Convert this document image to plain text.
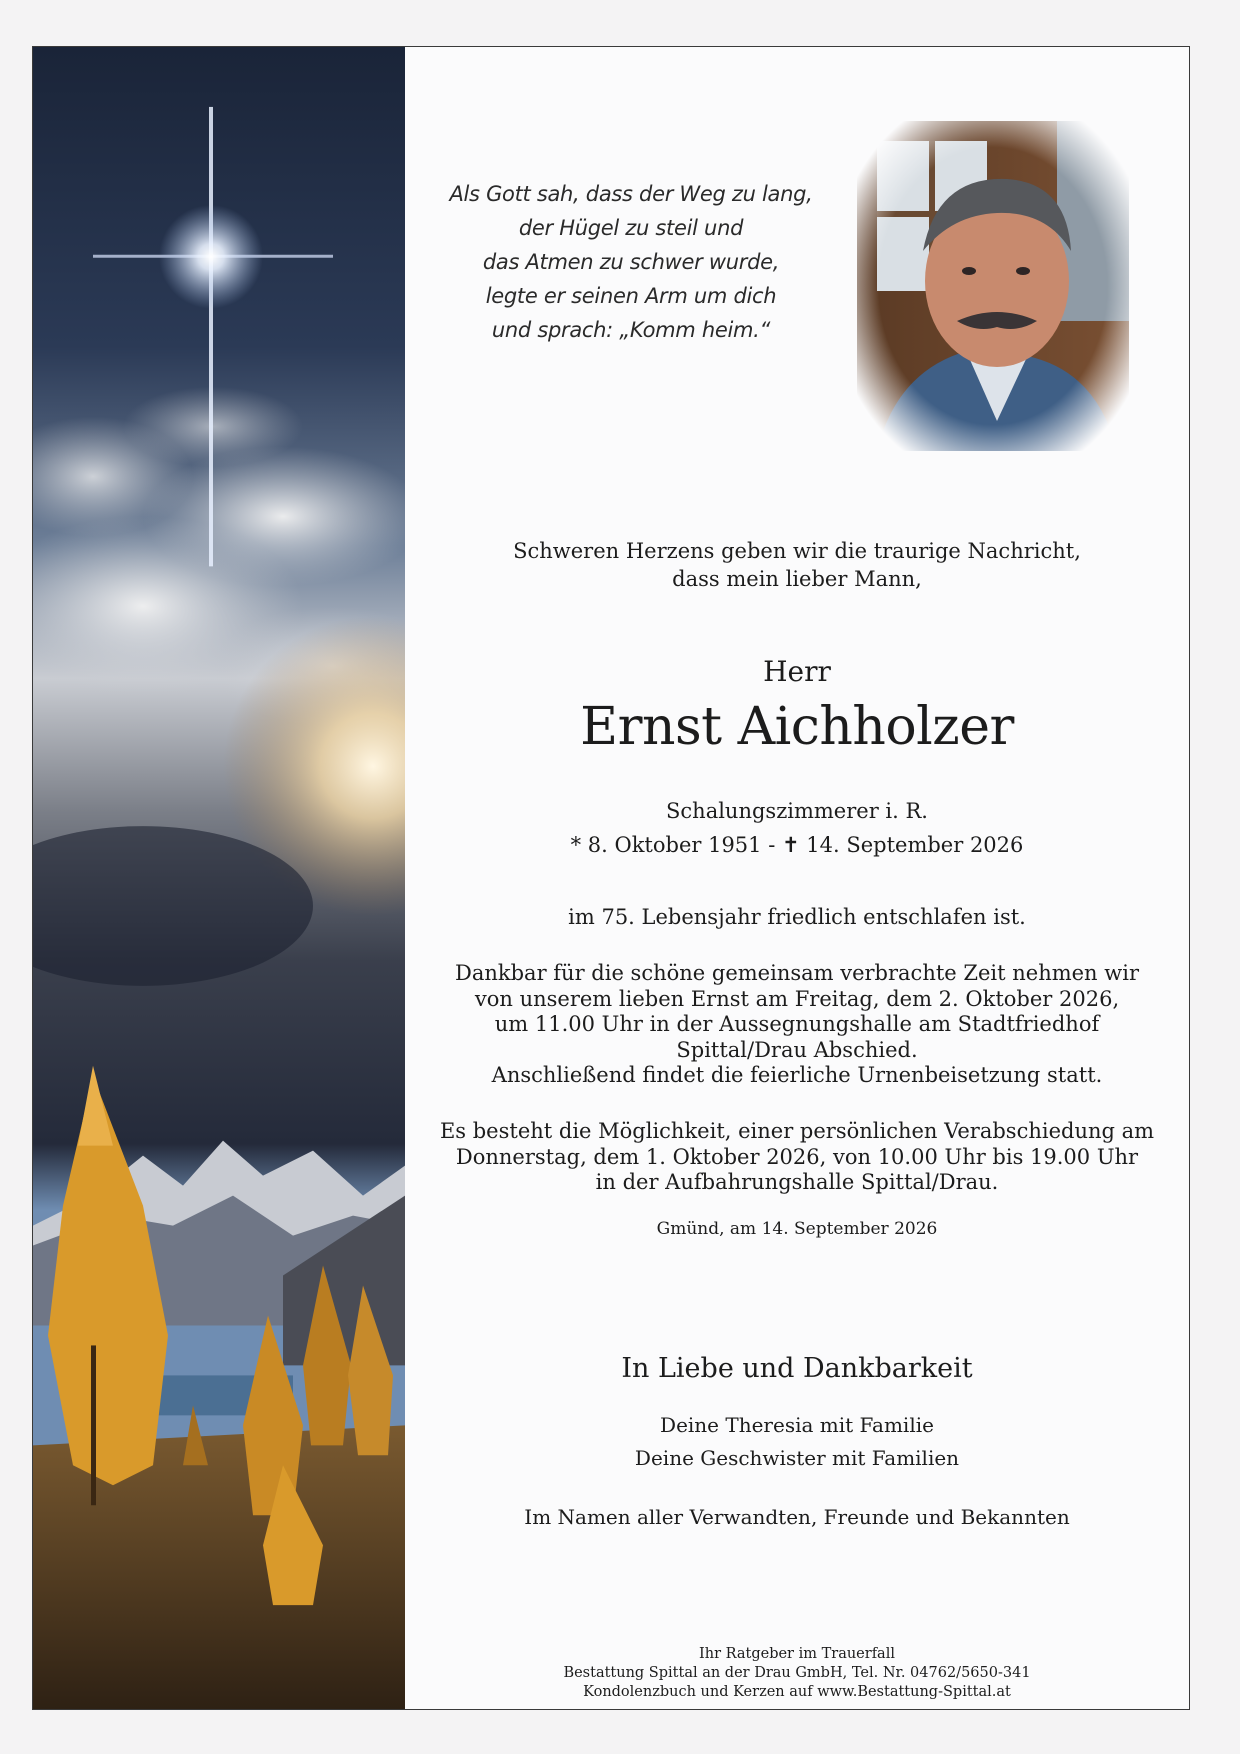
Als Gott sah, dass der Weg zu lang,
der Hügel zu steil und
das Atmen zu schwer wurde,
legte er seinen Arm um dich
und sprach: „Komm heim.“
Schweren Herzens geben wir die traurige Nachricht,
dass mein lieber Mann,
Herr
Ernst Aichholzer
Schalungszimmerer i. R.
* 8. Oktober 1951 - ✝ 14. September 2026
im 75. Lebensjahr friedlich entschlafen ist.
Dankbar für die schöne gemeinsam verbrachte Zeit nehmen wir
von unserem lieben Ernst am Freitag, dem 2. Oktober 2026,
um 11.00 Uhr in der Aussegnungshalle am Stadtfriedhof
Spittal/Drau Abschied.
Anschließend findet die feierliche Urnenbeisetzung statt.
Es besteht die Möglichkeit, einer persönlichen Verabschiedung am
Donnerstag, dem 1. Oktober 2026, von 10.00 Uhr bis 19.00 Uhr
in der Aufbahrungshalle Spittal/Drau.
Gmünd, am 14. September 2026
In Liebe und Dankbarkeit
Deine Theresia mit Familie
Deine Geschwister mit Familien
Im Namen aller Verwandten, Freunde und Bekannten
Ihr Ratgeber im Trauerfall
Bestattung Spittal an der Drau GmbH, Tel. Nr. 04762/5650-341
Kondolenzbuch und Kerzen auf www.Bestattung-Spittal.at
